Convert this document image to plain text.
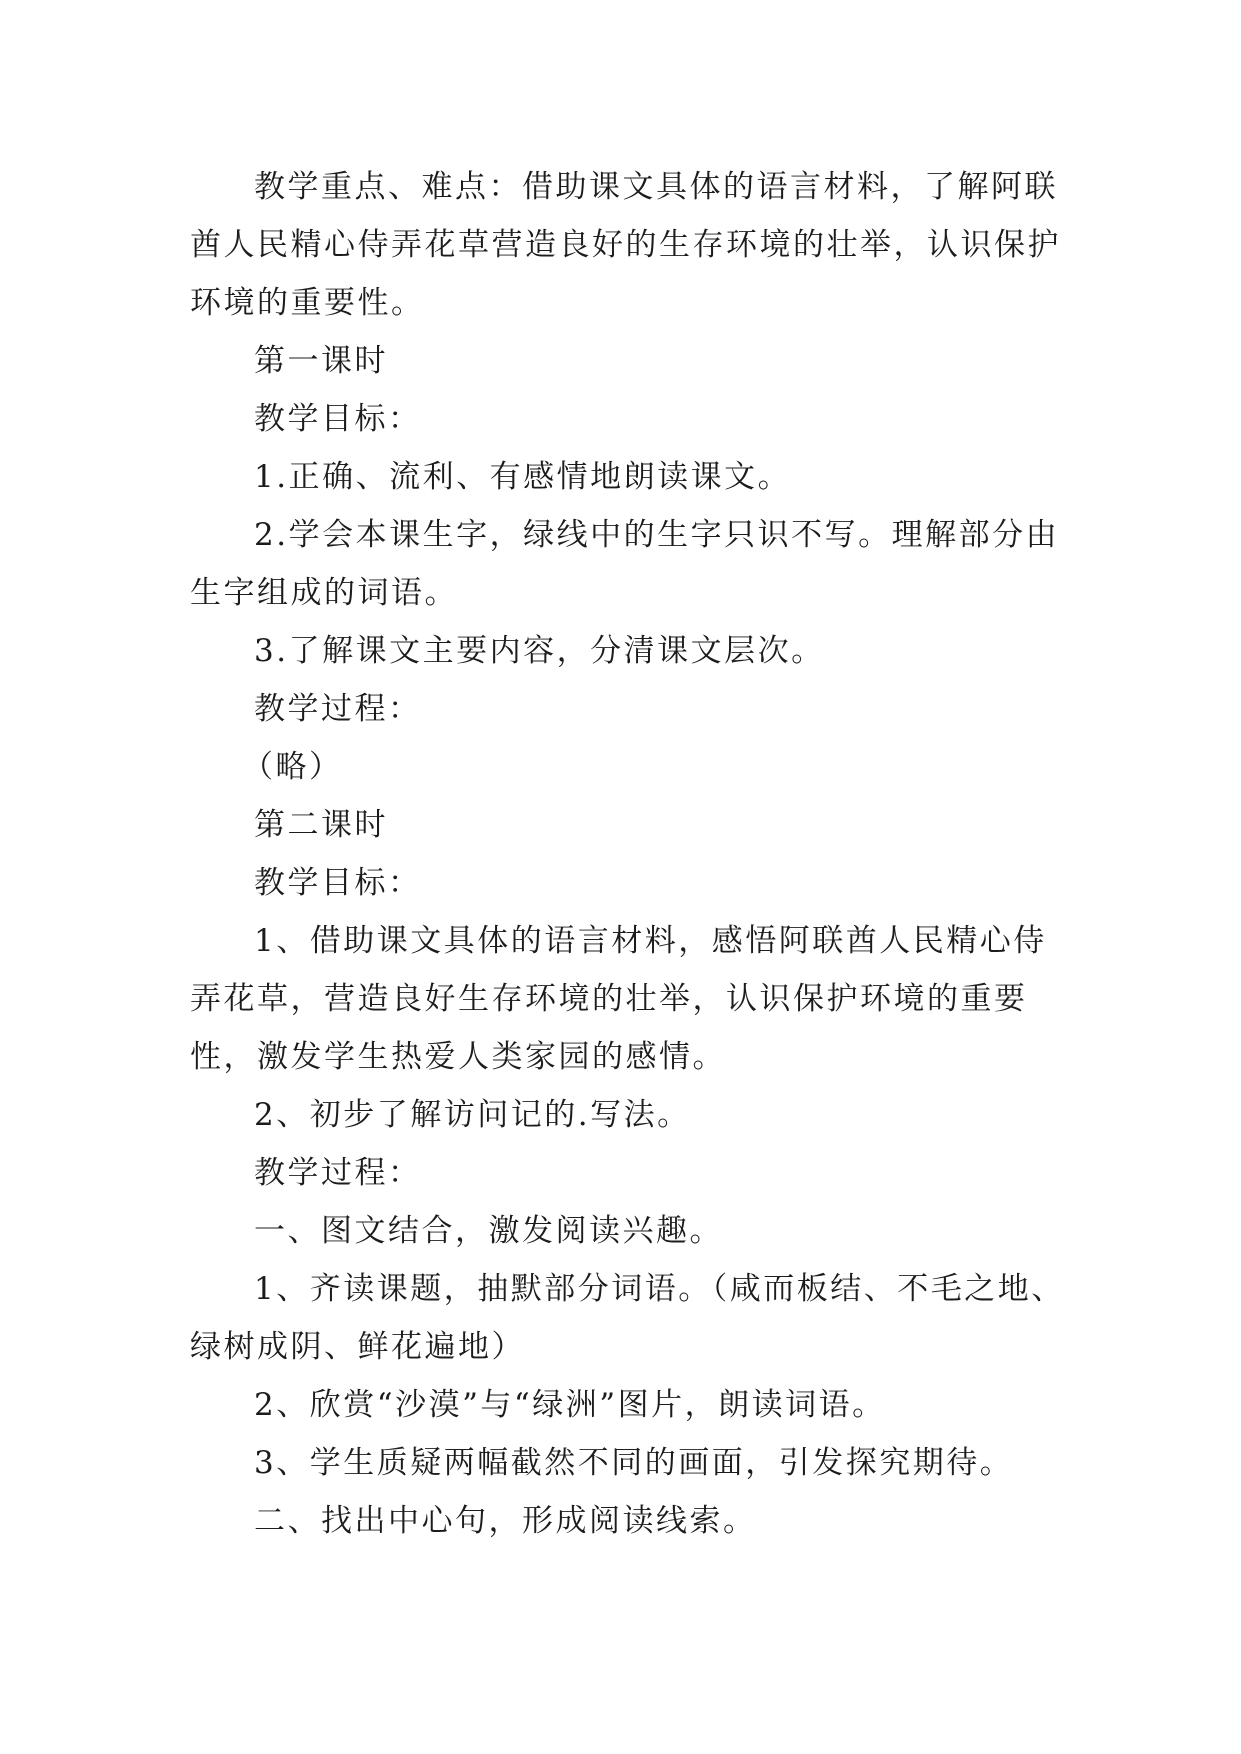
教学重点、难点：借助课文具体的语言材料，了解阿联酋人民精心侍弄花草营造良好的生存环境的壮举，认识保护环境的重要性。

第一课时

教学目标：

1.正确、流利、有感情地朗读课文。

2.学会本课生字，绿线中的生字只识不写。理解部分由生字组成的词语。

3.了解课文主要内容，分清课文层次。

教学过程：

（略）

第二课时

教学目标：

1、借助课文具体的语言材料，感悟阿联酋人民精心侍弄花草，营造良好生存环境的壮举，认识保护环境的重要性，激发学生热爱人类家园的感情。

2、初步了解访问记的.写法。

教学过程：

一、图文结合，激发阅读兴趣。

1、齐读课题，抽默部分词语。（咸而板结、不毛之地、绿树成阴、鲜花遍地）

2、欣赏“沙漠”与“绿洲”图片，朗读词语。

3、学生质疑两幅截然不同的画面，引发探究期待。

二、找出中心句，形成阅读线索。
